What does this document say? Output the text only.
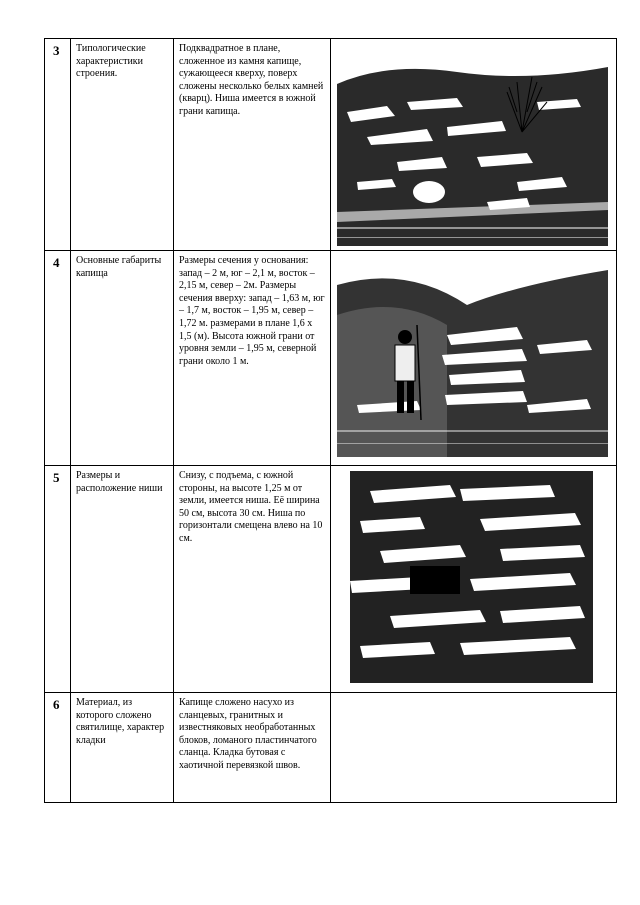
3	Типологические характеристики строения.	Подквадратное в плане, сложенное из камня капище, сужающееся кверху, поверх сложены несколько белых камней (кварц). Ниша имеется в южной грани капища.

4	Основные габариты капища	Размеры сечения у основания: запад – 2 м, юг – 2,1 м, восток – 2,15 м, север – 2м. Размеры сечения вверху: запад – 1,63 м, юг – 1,7 м, восток – 1,95 м, север – 1,72 м. размерами в плане 1,6 х 1,5 (м). Высота южной грани от уровня земли – 1,95 м, северной грани около 1 м.

5	Размеры и расположение ниши	Снизу, с подъема, с южной стороны, на высоте 1,25 м от земли, имеется ниша. Её ширина 50 см, высота 30 см. Ниша по горизонтали смещена влево на 10 см.

6	Материал, из которого сложено святилище, характер кладки	Капище сложено насухо из сланцевых, гранитных и известняковых необработанных блоков, ломаного пластинчатого сланца. Кладка бутовая с хаотичной перевязкой швов.	
